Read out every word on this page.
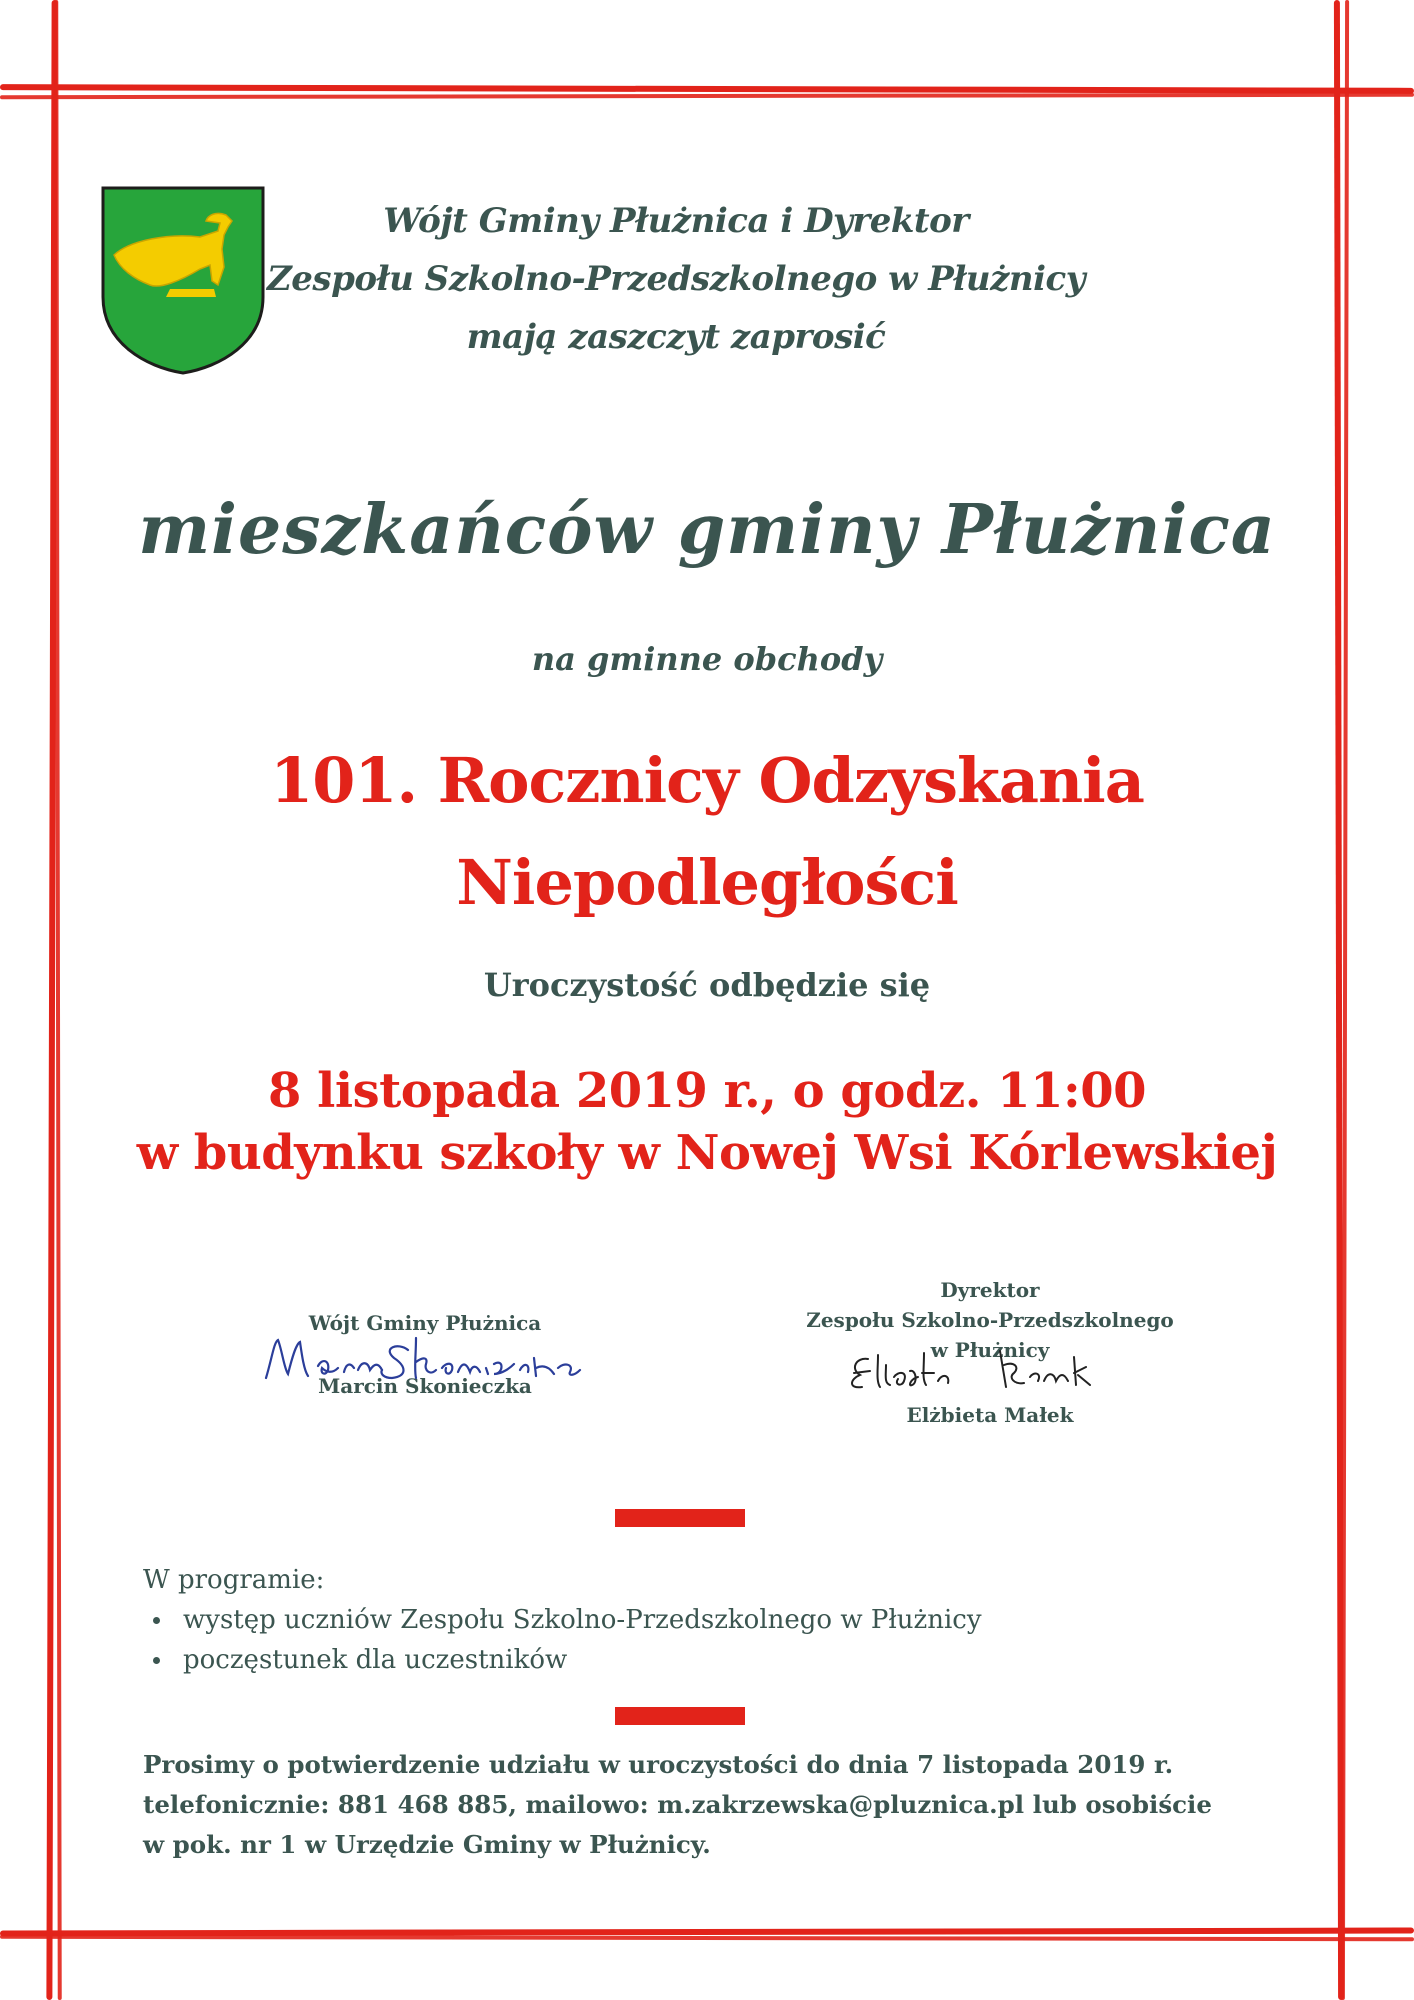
Wójt Gminy Płużnica i Dyrektor
Zespołu Szkolno-Przedszkolnego w Płużnicy
mają zaszczyt zaprosić
mieszkańców gminy Płużnica
na gminne obchody
101. Rocznicy Odzyskania
Niepodległości
Uroczystość odbędzie się
8 listopada 2019 r., o godz. 11:00
w budynku szkoły w Nowej Wsi Kórlewskiej
Wójt Gminy Płużnica
Marcin Skonieczka
Dyrektor
Zespołu Szkolno-Przedszkolnego
w Płużnicy
Elżbieta Małek
W programie:
występ uczniów Zespołu Szkolno-Przedszkolnego w Płużnicy
poczęstunek dla uczestników
Prosimy o potwierdzenie udziału w uroczystości do dnia 7 listopada 2019 r.
telefonicznie: 881 468 885, mailowo: m.zakrzewska@pluznica.pl lub osobiście
w pok. nr 1 w Urzędzie Gminy w Płużnicy.
